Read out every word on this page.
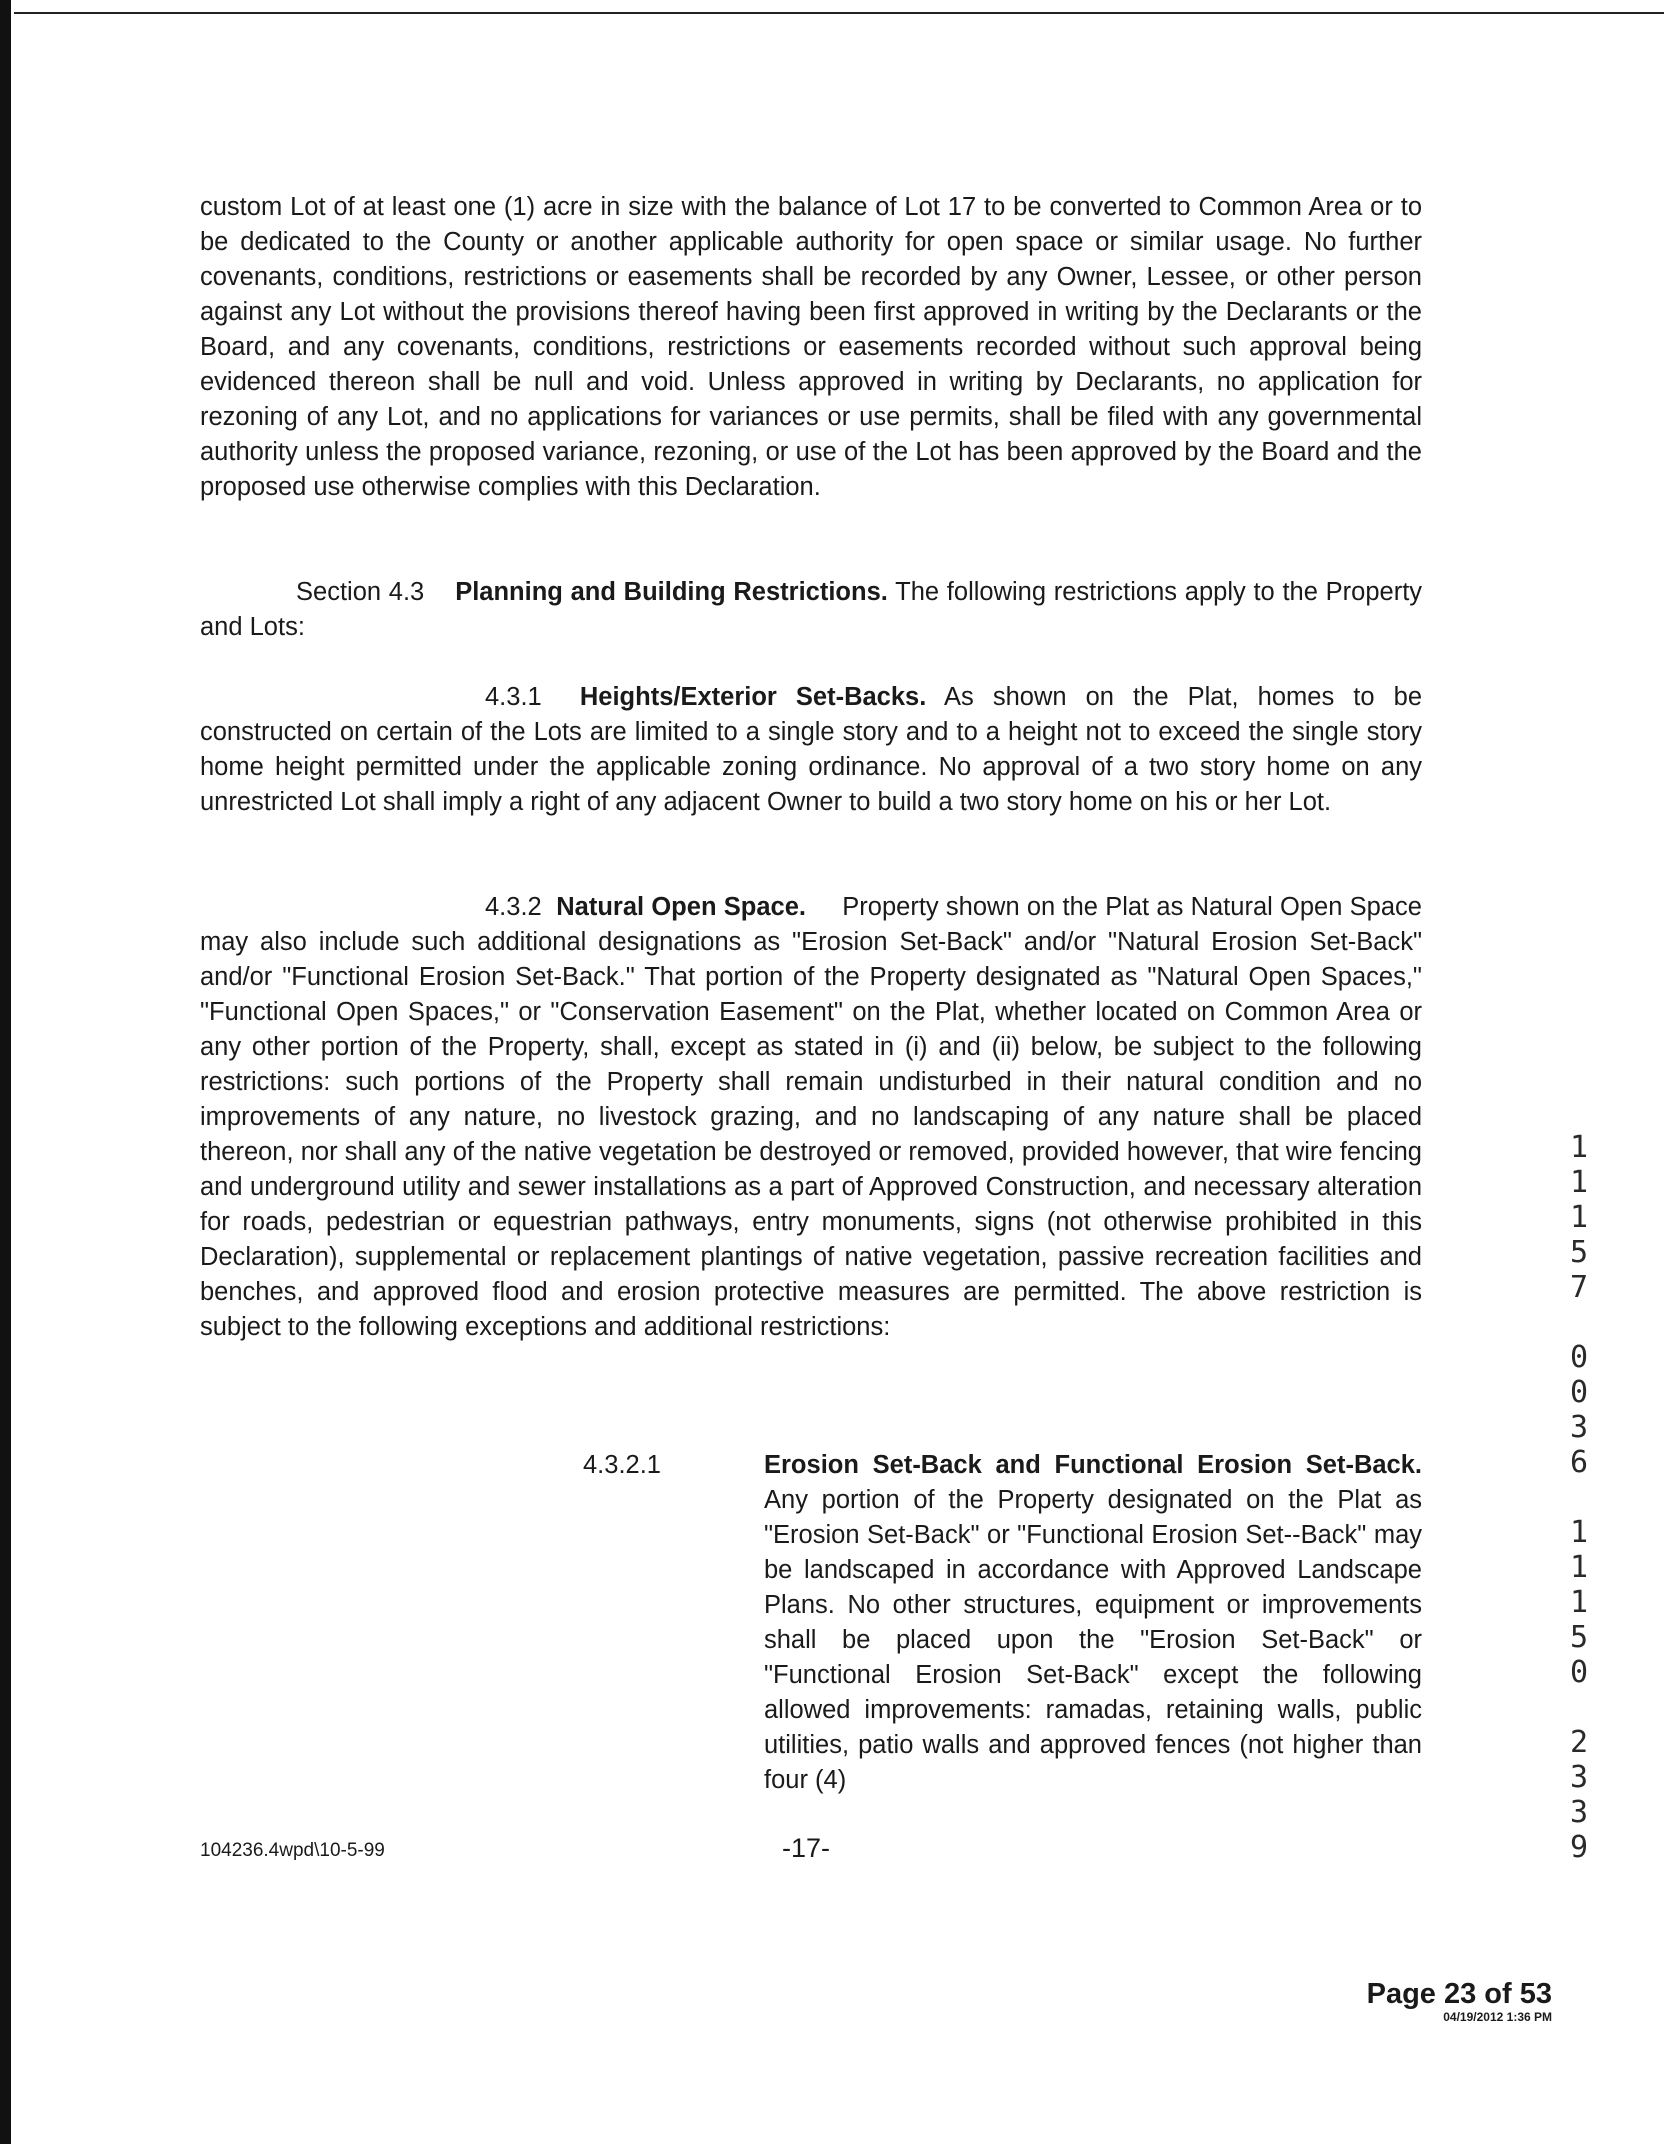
custom Lot of at least one (1) acre in size with the balance of Lot 17 to be converted to Common Area or to be dedicated to the County or another applicable authority for open space or similar usage. No further covenants, conditions, restrictions or easements shall be recorded by any Owner, Lessee, or other person against any Lot without the provisions thereof having been first approved in writing by the Declarants or the Board, and any covenants, conditions, restrictions or easements recorded without such approval being evidenced thereon shall be null and void. Unless approved in writing by Declarants, no application for rezoning of any Lot, and no applications for variances or use permits, shall be filed with any governmental authority unless the proposed variance, rezoning, or use of the Lot has been approved by the Board and the proposed use otherwise complies with this Declaration.

Section 4.3 Planning and Building Restrictions. The following restrictions apply to the Property and Lots:

4.3.1 Heights/Exterior Set-Backs. As shown on the Plat, homes to be constructed on certain of the Lots are limited to a single story and to a height not to exceed the single story home height permitted under the applicable zoning ordinance. No approval of a two story home on any unrestricted Lot shall imply a right of any adjacent Owner to build a two story home on his or her Lot.

4.3.2 Natural Open Space. Property shown on the Plat as Natural Open Space may also include such additional designations as "Erosion Set-Back" and/or "Natural Erosion Set-Back" and/or "Functional Erosion Set-Back." That portion of the Property designated as "Natural Open Spaces," "Functional Open Spaces," or "Conservation Easement" on the Plat, whether located on Common Area or any other portion of the Property, shall, except as stated in (i) and (ii) below, be subject to the following restrictions: such portions of the Property shall remain undisturbed in their natural condition and no improvements of any nature, no livestock grazing, and no landscaping of any nature shall be placed thereon, nor shall any of the native vegetation be destroyed or removed, provided however, that wire fencing and underground utility and sewer installations as a part of Approved Construction, and necessary alteration for roads, pedestrian or equestrian pathways, entry monuments, signs (not otherwise prohibited in this Declaration), supplemental or replacement plantings of native vegetation, passive recreation facilities and benches, and approved flood and erosion protective measures are permitted. The above restriction is subject to the following exceptions and additional restrictions:

4.3.2.1	Erosion Set-Back and Functional Erosion Set-Back. Any portion of the Property designated on the Plat as "Erosion Set-Back" or "Functional Erosion Set--Back" may be landscaped in accordance with Approved Landscape Plans. No other structures, equipment or improvements shall be placed upon the "Erosion Set-Back" or "Functional Erosion Set-Back" except the following allowed improvements: ramadas, retaining walls, public utilities, patio walls and approved fences (not higher than four (4)

104236.4wpd\10-5-99	-17-
Page 23 of 53
04/19/2012 1:36 PM
1
1
1
5
7

0
0
3
6

1
1
1
5
0

2
3
3
9
